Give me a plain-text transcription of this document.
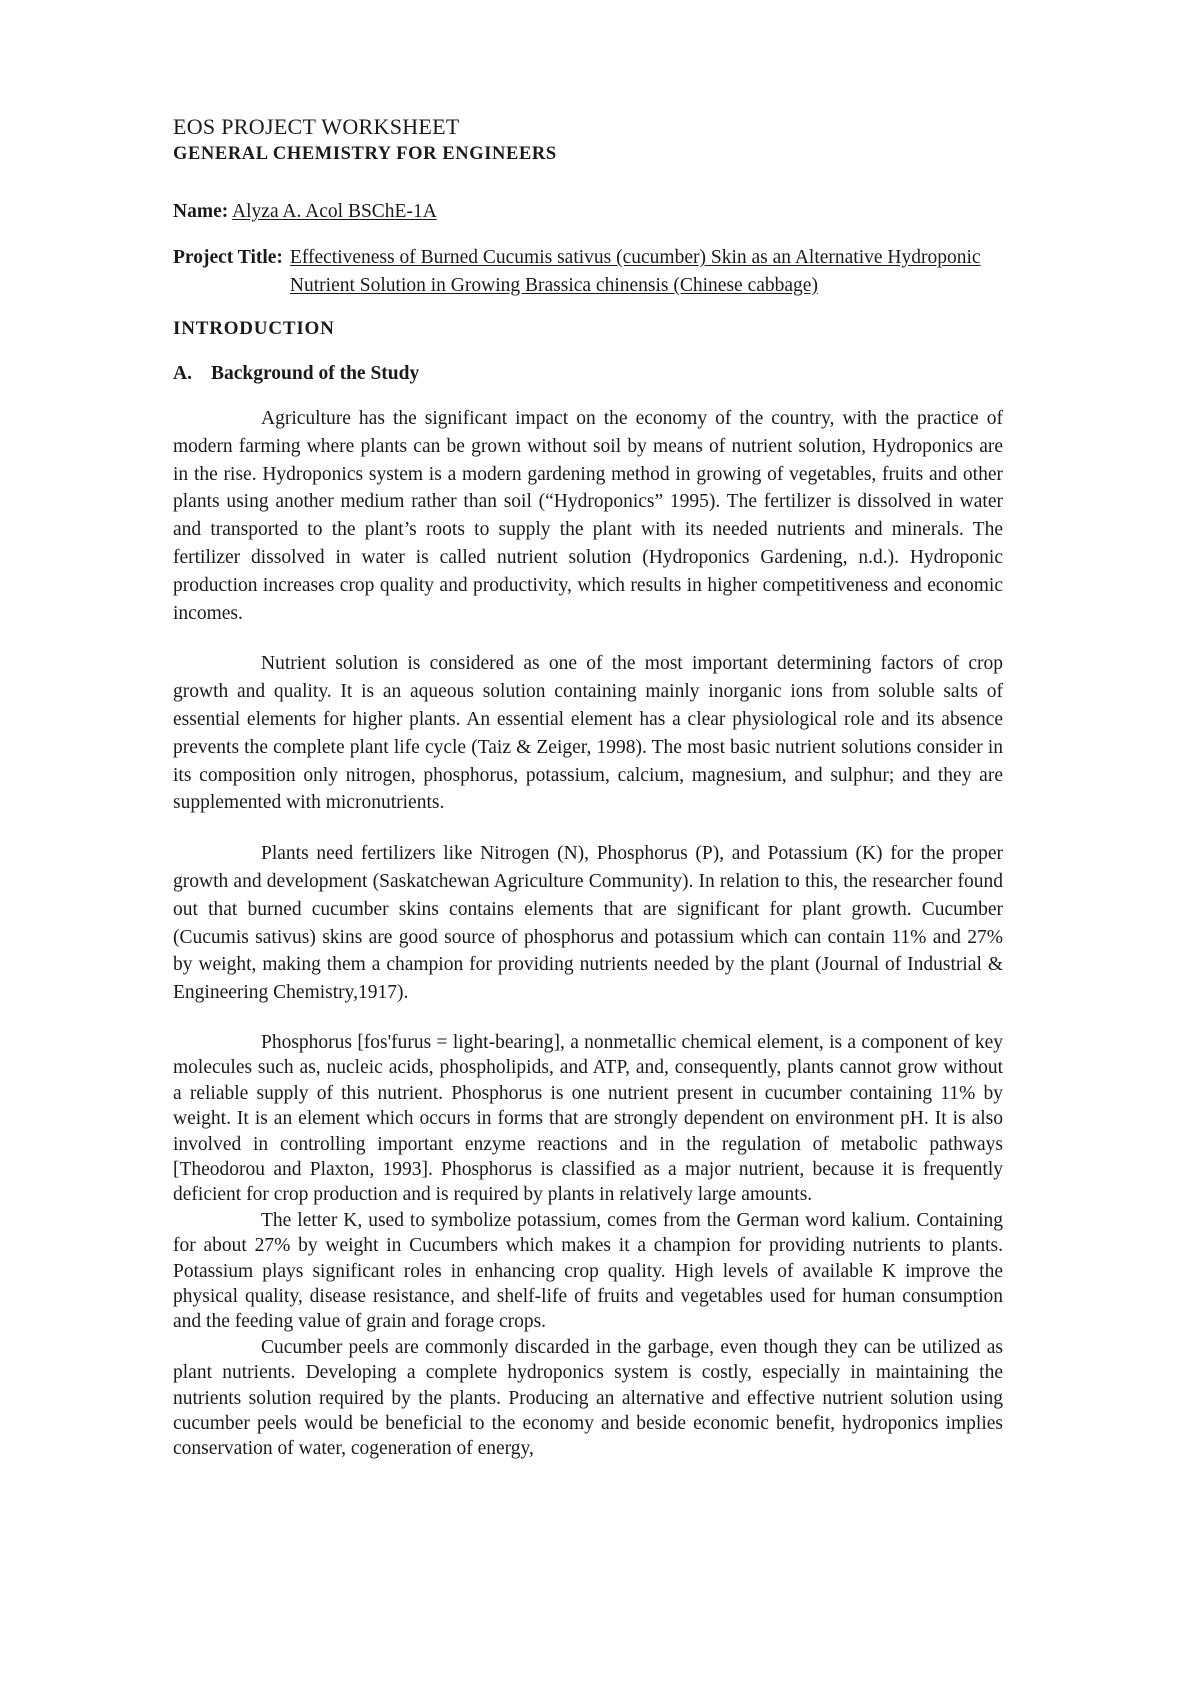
EOS PROJECT WORKSHEET
GENERAL CHEMISTRY FOR ENGINEERS
Name: Alyza A. Acol BSChE-1A
Project Title: Effectiveness of Burned Cucumis sativus (cucumber) Skin as an Alternative Hydroponic Nutrient Solution in Growing Brassica chinensis (Chinese cabbage)
INTRODUCTION
A. Background of the Study

Agriculture has the significant impact on the economy of the country, with the practice of modern farming where plants can be grown without soil by means of nutrient solution, Hydroponics are in the rise. Hydroponics system is a modern gardening method in growing of vegetables, fruits and other plants using another medium rather than soil (“Hydroponics” 1995). The fertilizer is dissolved in water and transported to the plant’s roots to supply the plant with its needed nutrients and minerals. The fertilizer dissolved in water is called nutrient solution (Hydroponics Gardening, n.d.). Hydroponic production increases crop quality and productivity, which results in higher competitiveness and economic incomes.

Nutrient solution is considered as one of the most important determining factors of crop growth and quality. It is an aqueous solution containing mainly inorganic ions from soluble salts of essential elements for higher plants. An essential element has a clear physiological role and its absence prevents the complete plant life cycle (Taiz & Zeiger, 1998). The most basic nutrient solutions consider in its composition only nitrogen, phosphorus, potassium, calcium, magnesium, and sulphur; and they are supplemented with micronutrients.

Plants need fertilizers like Nitrogen (N), Phosphorus (P), and Potassium (K) for the proper growth and development (Saskatchewan Agriculture Community). In relation to this, the researcher found out that burned cucumber skins contains elements that are significant for plant growth. Cucumber (Cucumis sativus) skins are good source of phosphorus and potassium which can contain 11% and 27% by weight, making them a champion for providing nutrients needed by the plant (Journal of Industrial & Engineering Chemistry,1917).

Phosphorus [fos'furus = light-bearing], a nonmetallic chemical element, is a component of key molecules such as, nucleic acids, phospholipids, and ATP, and, consequently, plants cannot grow without a reliable supply of this nutrient. Phosphorus is one nutrient present in cucumber containing 11% by weight. It is an element which occurs in forms that are strongly dependent on environment pH. It is also involved in controlling important enzyme reactions and in the regulation of metabolic pathways [Theodorou and Plaxton, 1993]. Phosphorus is classified as a major nutrient, because it is frequently deficient for crop production and is required by plants in relatively large amounts.

The letter K, used to symbolize potassium, comes from the German word kalium. Containing for about 27% by weight in Cucumbers which makes it a champion for providing nutrients to plants. Potassium plays significant roles in enhancing crop quality. High levels of available K improve the physical quality, disease resistance, and shelf-life of fruits and vegetables used for human consumption and the feeding value of grain and forage crops.

Cucumber peels are commonly discarded in the garbage, even though they can be utilized as plant nutrients. Developing a complete hydroponics system is costly, especially in maintaining the nutrients solution required by the plants. Producing an alternative and effective nutrient solution using cucumber peels would be beneficial to the economy and beside economic benefit, hydroponics implies conservation of water, cogeneration of energy,
